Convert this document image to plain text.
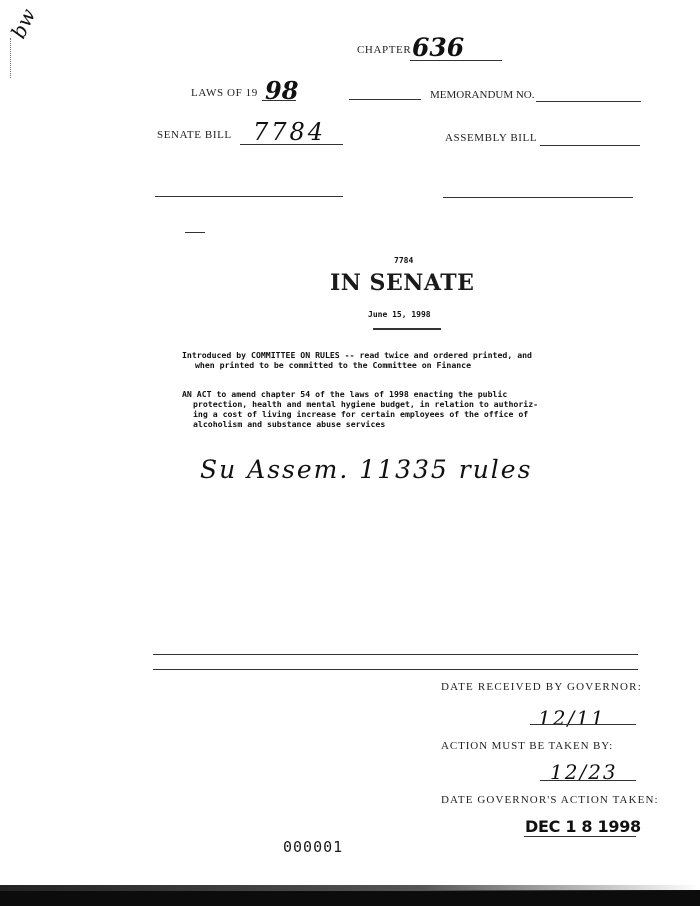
bw
CHAPTER 636
LAWS OF 19 98	MEMORANDUM NO.
SENATE BILL 7784	ASSEMBLY BILL
7784
IN SENATE
June 15, 1998
Introduced by COMMITTEE ON RULES -- read twice and ordered printed, and
when printed to be committed to the Committee on Finance
AN ACT to amend chapter 54 of the laws of 1998 enacting the public
protection, health and mental hygiene budget, in relation to authoriz-
ing a cost of living increase for certain employees of the office of
alcoholism and substance abuse services
Su Assem. 11335 rules
DATE RECEIVED BY GOVERNOR:
12/11
ACTION MUST BE TAKEN BY:
12/23
DATE GOVERNOR'S ACTION TAKEN:
DEC 1 8 1998
000001
